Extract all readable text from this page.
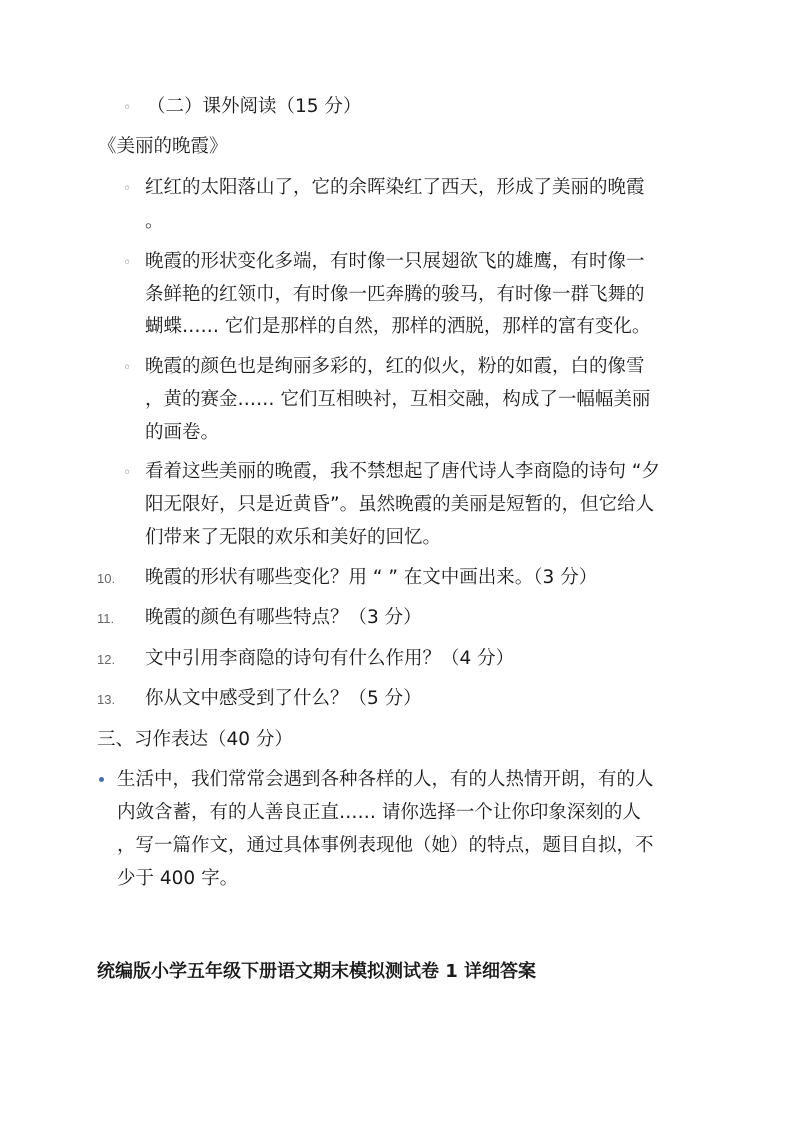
◦ （二）课外阅读（15 分）
《美丽的晚霞》
◦ 红红的太阳落山了，它的余晖染红了西天，形成了美丽的晚霞
。
◦ 晚霞的形状变化多端，有时像一只展翅欲飞的雄鹰，有时像一
条鲜艳的红领巾，有时像一匹奔腾的骏马，有时像一群飞舞的
蝴蝶…… 它们是那样的自然，那样的洒脱，那样的富有变化。
◦ 晚霞的颜色也是绚丽多彩的，红的似火，粉的如霞，白的像雪
，黄的赛金…… 它们互相映衬，互相交融，构成了一幅幅美丽
的画卷。
◦ 看着这些美丽的晚霞，我不禁想起了唐代诗人李商隐的诗句 “夕
阳无限好，只是近黄昏”。虽然晚霞的美丽是短暂的，但它给人
们带来了无限的欢乐和美好的回忆。
10. 晚霞的形状有哪些变化？用 “ ” 在文中画出来。（3 分）
11. 晚霞的颜色有哪些特点？（3 分）
12. 文中引用李商隐的诗句有什么作用？（4 分）
13. 你从文中感受到了什么？（5 分）
三、习作表达（40 分）
生活中，我们常常会遇到各种各样的人，有的人热情开朗，有的人
内敛含蓄，有的人善良正直…… 请你选择一个让你印象深刻的人
，写一篇作文，通过具体事例表现他（她）的特点，题目自拟，不
少于 400 字。
统编版小学五年级下册语文期末模拟测试卷 1 详细答案
